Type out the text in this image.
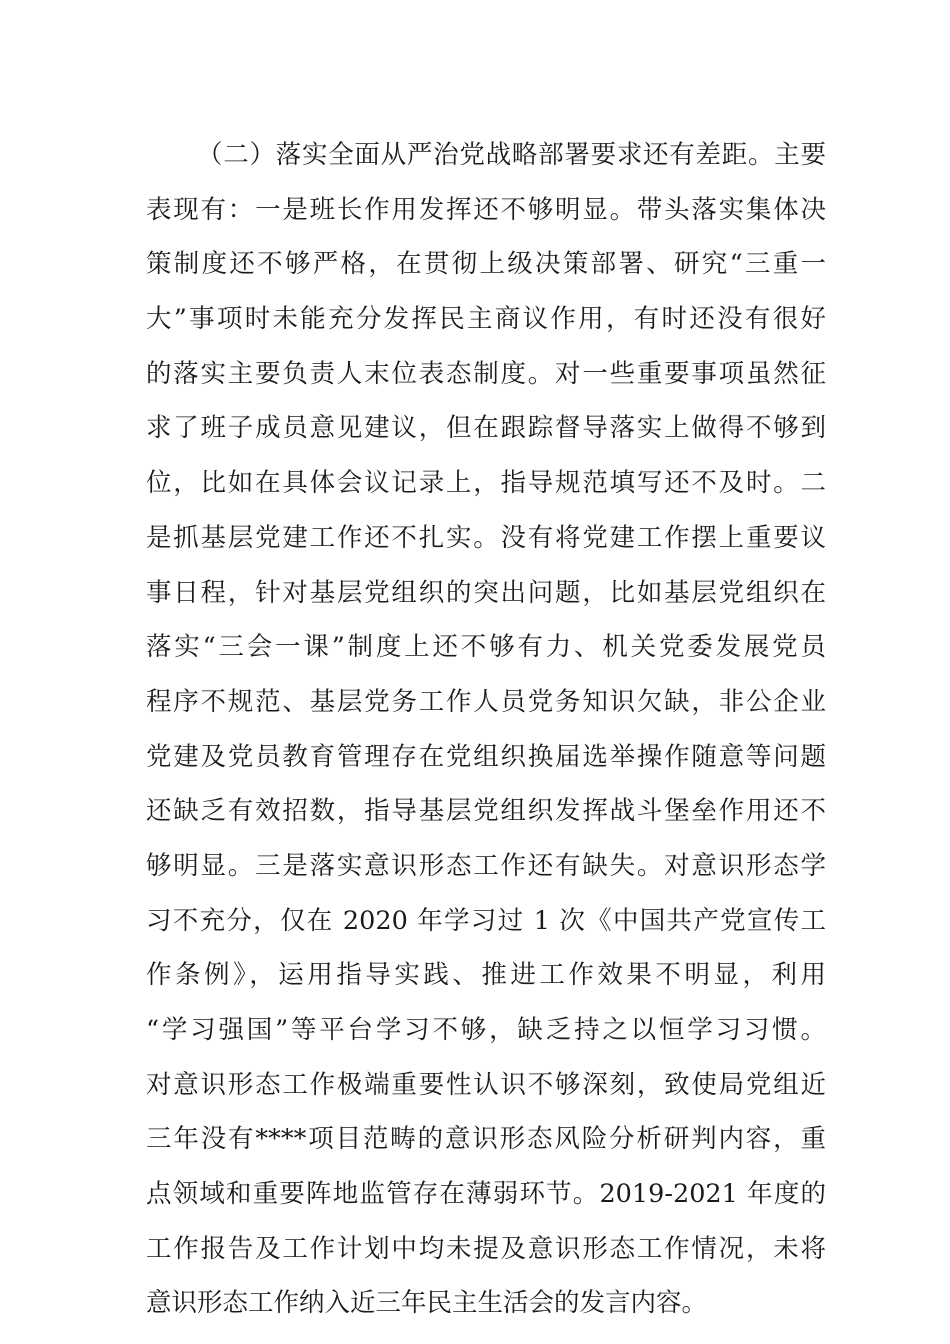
（二）落实全面从严治党战略部署要求还有差距。主要
表现有：一是班长作用发挥还不够明显。带头落实集体决
策制度还不够严格，在贯彻上级决策部署、研究“三重一
大”事项时未能充分发挥民主商议作用，有时还没有很好
的落实主要负责人末位表态制度。对一些重要事项虽然征
求了班子成员意见建议，但在跟踪督导落实上做得不够到
位，比如在具体会议记录上，指导规范填写还不及时。二
是抓基层党建工作还不扎实。没有将党建工作摆上重要议
事日程，针对基层党组织的突出问题，比如基层党组织在
落实“三会一课”制度上还不够有力、机关党委发展党员
程序不规范、基层党务工作人员党务知识欠缺，非公企业
党建及党员教育管理存在党组织换届选举操作随意等问题
还缺乏有效招数，指导基层党组织发挥战斗堡垒作用还不
够明显。三是落实意识形态工作还有缺失。对意识形态学
习不充分，仅在 2020 年学习过 1 次《中国共产党宣传工
作条例》，运用指导实践、推进工作效果不明显，利用
“学习强国”等平台学习不够，缺乏持之以恒学习习惯。
对意识形态工作极端重要性认识不够深刻，致使局党组近
三年没有****项目范畴的意识形态风险分析研判内容，重
点领域和重要阵地监管存在薄弱环节。2019-2021 年度的
工作报告及工作计划中均未提及意识形态工作情况，未将
意识形态工作纳入近三年民主生活会的发言内容。
